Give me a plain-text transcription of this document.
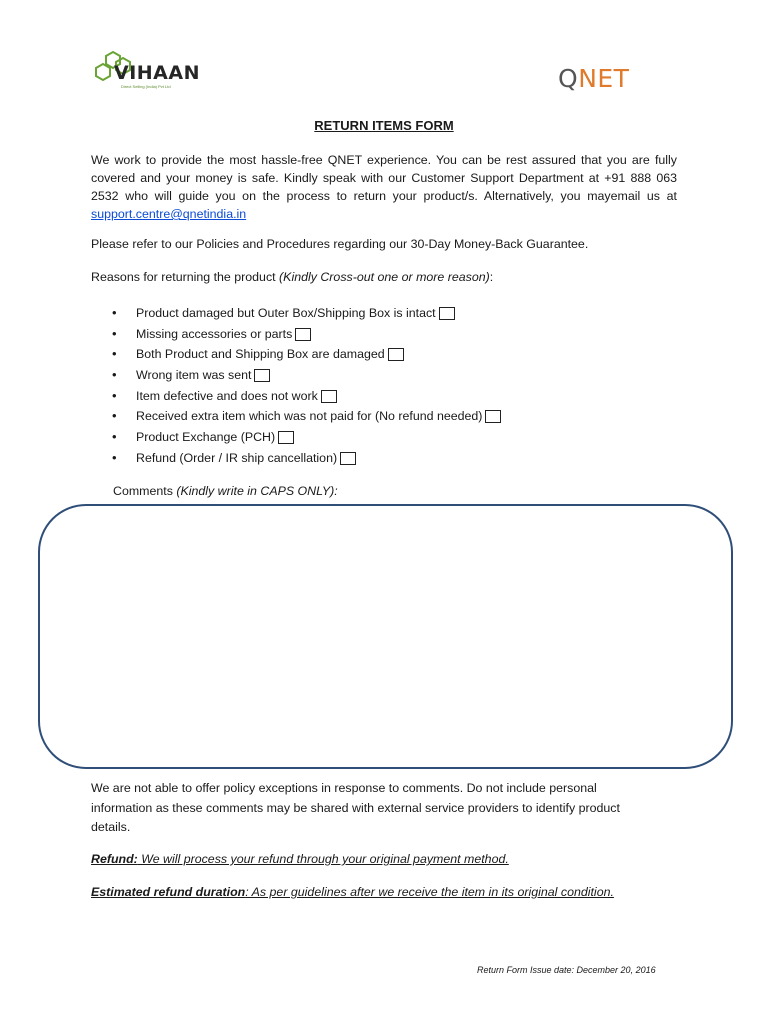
VIHAAN
Direct Selling (India) Pvt Ltd	QNET
RETURN ITEMS FORM
We work to provide the most hassle-free QNET experience. You can be rest assured that you are fully covered and your money is safe. Kindly speak with our Customer Support Department at +91 888 063 2532 who will guide you on the process to return your product/s. Alternatively, you mayemail us at support.centre@qnetindia.in
Please refer to our Policies and Procedures regarding our 30-Day Money-Back Guarantee.
Reasons for returning the product (Kindly Cross-out one or more reason):
•	Product damaged but Outer Box/Shipping Box is intact
•	Missing accessories or parts
•	Both Product and Shipping Box are damaged
•	Wrong item was sent
•	Item defective and does not work
•	Received extra item which was not paid for (No refund needed)
•	Product Exchange (PCH)
•	Refund (Order / IR ship cancellation)
Comments (Kindly write in CAPS ONLY):
We are not able to offer policy exceptions in response to comments. Do not include personal information as these comments may be shared with external service providers to identify product details.
Refund: We will process your refund through your original payment method.
Estimated refund duration: As per guidelines after we receive the item in its original condition.
Return Form Issue date: December 20, 2016
